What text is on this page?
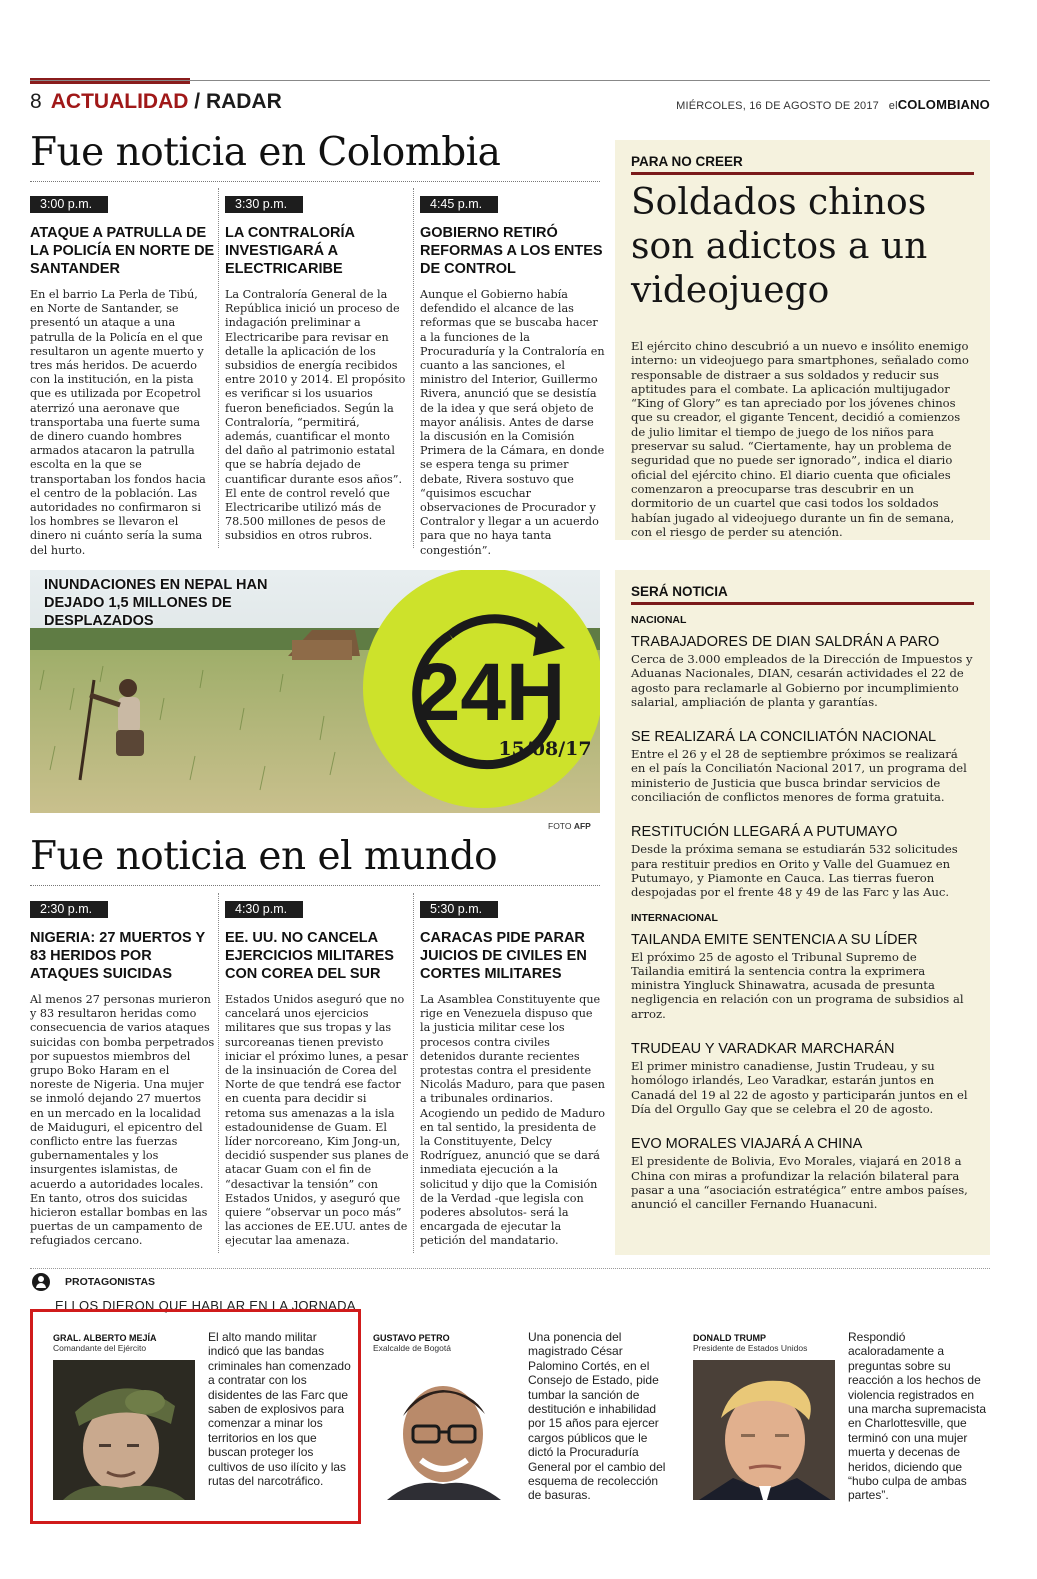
8 ACTUALIDAD / RADAR	MIÉRCOLES, 16 DE AGOSTO DE 2017 elCOLOMBIANO
Fue noticia en Colombia
3:00 p.m.
ATAQUE A PATRULLA DE LA POLICÍA EN NORTE DE SANTANDER
En el barrio La Perla de Tibú, en Norte de Santander, se presentó un ataque a una patrulla de la Policía en el que resultaron un agente muerto y tres más heridos. De acuerdo con la institución, en la pista que es utilizada por Ecopetrol aterrizó una aeronave que transportaba una fuerte suma de dinero cuando hombres armados atacaron la patrulla escolta en la que se transportaban los fondos hacia el centro de la población. Las autoridades no confirmaron si los hombres se llevaron el dinero ni cuánto sería la suma del hurto.
3:30 p.m.
LA CONTRALORÍA INVESTIGARÁ A ELECTRICARIBE
La Contraloría General de la República inició un proceso de indagación preliminar a Electricaribe para revisar en detalle la aplicación de los subsidios de energía recibidos entre 2010 y 2014. El propósito es verificar si los usuarios fueron beneficiados. Según la Contraloría, “permitirá, además, cuantificar el monto del daño al patrimonio estatal que se habría dejado de cuantificar durante esos años”. El ente de control reveló que Electricaribe utilizó más de 78.500 millones de pesos de subsidios en otros rubros.
4:45 p.m.
GOBIERNO RETIRÓ REFORMAS A LOS ENTES DE CONTROL
Aunque el Gobierno había defendido el alcance de las reformas que se buscaba hacer a la funciones de la Procuraduría y la Contraloría en cuanto a las sanciones, el ministro del Interior, Guillermo Rivera, anunció que se desistía de la idea y que será objeto de mayor análisis. Antes de darse la discusión en la Comisión Primera de la Cámara, en donde se espera tenga su primer debate, Rivera sostuvo que “quisimos escuchar observaciones de Procurador y Contralor y llegar a un acuerdo para que no haya tanta congestión”.
PARA NO CREER
Soldados chinos son adictos a un videojuego
El ejército chino descubrió a un nuevo e insólito enemigo interno: un videojuego para smartphones, señalado como responsable de distraer a sus soldados y reducir sus aptitudes para el combate. La aplicación multijugador “King of Glory” es tan apreciado por los jóvenes chinos que su creador, el gigante Tencent, decidió a comienzos de julio limitar el tiempo de juego de los niños para preservar su salud. “Ciertamente, hay un problema de seguridad que no puede ser ignorado”, indica el diario oficial del ejército chino. El diario cuenta que oficiales comenzaron a preocuparse tras descubrir en un dormitorio de un cuartel que casi todos los soldados habían jugado al videojuego durante un fin de semana, con el riesgo de perder su atención.
INUNDACIONES EN NEPAL HAN DEJADO 1,5 MILLONES DE DESPLAZADOS
24H
15/08/17
FOTO AFP
Fue noticia en el mundo
2:30 p.m.
NIGERIA: 27 MUERTOS Y 83 HERIDOS POR ATAQUES SUICIDAS
Al menos 27 personas murieron y 83 resultaron heridas como consecuencia de varios ataques suicidas con bomba perpetrados por supuestos miembros del grupo Boko Haram en el noreste de Nigeria. Una mujer se inmoló dejando 27 muertos en un mercado en la localidad de Maiduguri, el epicentro del conflicto entre las fuerzas gubernamentales y los insurgentes islamistas, de acuerdo a autoridades locales. En tanto, otros dos suicidas hicieron estallar bombas en las puertas de un campamento de refugiados cercano.
4:30 p.m.
EE. UU. NO CANCELA EJERCICIOS MILITARES CON COREA DEL SUR
Estados Unidos aseguró que no cancelará unos ejercicios militares que sus tropas y las surcoreanas tienen previsto iniciar el próximo lunes, a pesar de la insinuación de Corea del Norte de que tendrá ese factor en cuenta para decidir si retoma sus amenazas a la isla estadounidense de Guam. El líder norcoreano, Kim Jong-un, decidió suspender sus planes de atacar Guam con el fin de “desactivar la tensión” con Estados Unidos, y aseguró que quiere “observar un poco más” las acciones de EE.UU. antes de ejecutar laa amenaza.
5:30 p.m.
CARACAS PIDE PARAR JUICIOS DE CIVILES EN CORTES MILITARES
La Asamblea Constituyente que rige en Venezuela dispuso que la justicia militar cese los procesos contra civiles detenidos durante recientes protestas contra el presidente Nicolás Maduro, para que pasen a tribunales ordinarios. Acogiendo un pedido de Maduro en tal sentido, la presidenta de la Constituyente, Delcy Rodríguez, anunció que se dará inmediata ejecución a la solicitud y dijo que la Comisión de la Verdad -que legisla con poderes absolutos- será la encargada de ejecutar la petición del mandatario.
SERÁ NOTICIA
NACIONAL
TRABAJADORES DE DIAN SALDRÁN A PARO
Cerca de 3.000 empleados de la Dirección de Impuestos y Aduanas Nacionales, DIAN, cesarán actividades el 22 de agosto para reclamarle al Gobierno por incumplimiento salarial, ampliación de planta y garantías.
SE REALIZARÁ LA CONCILIATÓN NACIONAL
Entre el 26 y el 28 de septiembre próximos se realizará en el país la Conciliatón Nacional 2017, un programa del ministerio de Justicia que busca brindar servicios de conciliación de conflictos menores de forma gratuita.
RESTITUCIÓN LLEGARÁ A PUTUMAYO
Desde la próxima semana se estudiarán 532 solicitudes para restituir predios en Orito y Valle del Guamuez en Putumayo, y Piamonte en Cauca. Las tierras fueron despojadas por el frente 48 y 49 de las Farc y las Auc.
INTERNACIONAL
TAILANDA EMITE SENTENCIA A SU LÍDER
El próximo 25 de agosto el Tribunal Supremo de Tailandia emitirá la sentencia contra la exprimera ministra Yingluck Shinawatra, acusada de presunta negligencia en relación con un programa de subsidios al arroz.
TRUDEAU Y VARADKAR MARCHARÁN
El primer ministro canadiense, Justin Trudeau, y su homólogo irlandés, Leo Varadkar, estarán juntos en Canadá del 19 al 22 de agosto y participarán juntos en el Día del Orgullo Gay que se celebra el 20 de agosto.
EVO MORALES VIAJARÁ A CHINA
El presidente de Bolivia, Evo Morales, viajará en 2018 a China con miras a profundizar la relación bilateral para pasar a una “asociación estratégica” entre ambos países, anunció el canciller Fernando Huanacuni.
PROTAGONISTAS
ELLOS DIERON QUE HABLAR EN LA JORNADA
GRAL. ALBERTO MEJÍA
Comandante del Ejército
El alto mando militar indicó que las bandas criminales han comenzado a contratar con los disidentes de las Farc que saben de explosivos para comenzar a minar los territorios en los que buscan proteger los cultivos de uso ilícito y las rutas del narcotráfico.
GUSTAVO PETRO
Exalcalde de Bogotá
Una ponencia del magistrado César Palomino Cortés, en el Consejo de Estado, pide tumbar la sanción de destitución e inhabilidad por 15 años para ejercer cargos públicos que le dictó la Procuraduría General por el cambio del esquema de recolección de basuras.
DONALD TRUMP
Presidente de Estados Unidos
Respondió acaloradamente a preguntas sobre su reacción a los hechos de violencia registrados en una marcha supremacista en Charlottesville, que terminó con una mujer muerta y decenas de heridos, diciendo que “hubo culpa de ambas partes”.
